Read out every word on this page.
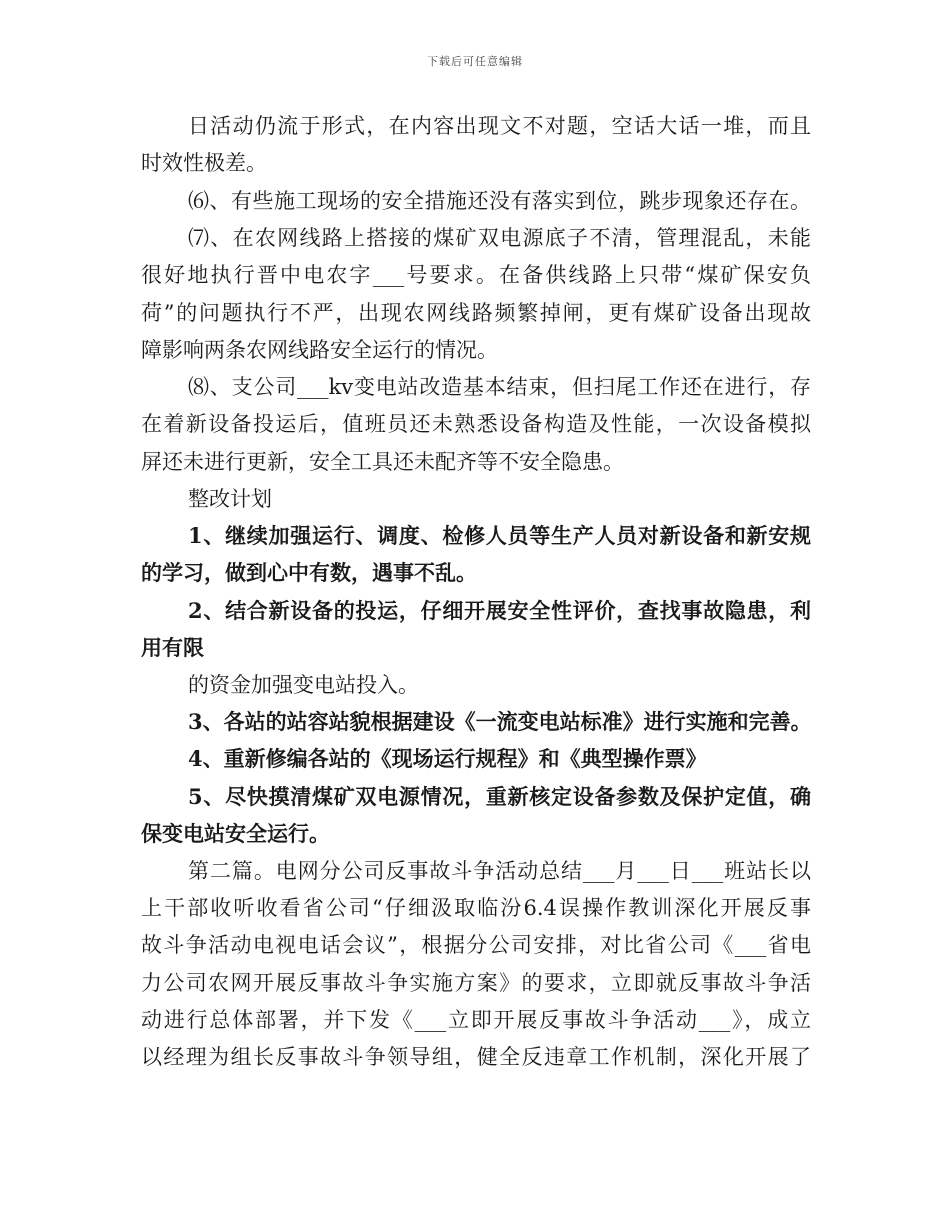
下载后可任意编辑
日活动仍流于形式，在内容出现文不对题，空话大话一堆，而且
时效性极差。
⑹、有些施工现场的安全措施还没有落实到位，跳步现象还存在。
⑺、在农网线路上搭接的煤矿双电源底子不清，管理混乱，未能
很好地执行晋中电农字___号要求。在备供线路上只带“煤矿保安负
荷”的问题执行不严，出现农网线路频繁掉闸，更有煤矿设备出现故
障影响两条农网线路安全运行的情况。
⑻、支公司___kv变电站改造基本结束，但扫尾工作还在进行，存
在着新设备投运后，值班员还未熟悉设备构造及性能，一次设备模拟
屏还未进行更新，安全工具还未配齐等不安全隐患。
整改计划
1、继续加强运行、调度、检修人员等生产人员对新设备和新安规
的学习，做到心中有数，遇事不乱。
2、结合新设备的投运，仔细开展安全性评价，查找事故隐患，利
用有限
的资金加强变电站投入。
3、各站的站容站貌根据建设《一流变电站标准》进行实施和完善。
4、重新修编各站的《现场运行规程》和《典型操作票》
5、尽快摸清煤矿双电源情况，重新核定设备参数及保护定值，确
保变电站安全运行。
第二篇。电网分公司反事故斗争活动总结___月___日___班站长以
上干部收听收看省公司“仔细汲取临汾6.4误操作教训深化开展反事
故斗争活动电视电话会议”，根据分公司安排，对比省公司《___省电
力公司农网开展反事故斗争实施方案》的要求，立即就反事故斗争活
动进行总体部署，并下发《___立即开展反事故斗争活动___》，成立
以经理为组长反事故斗争领导组，健全反违章工作机制，深化开展了
